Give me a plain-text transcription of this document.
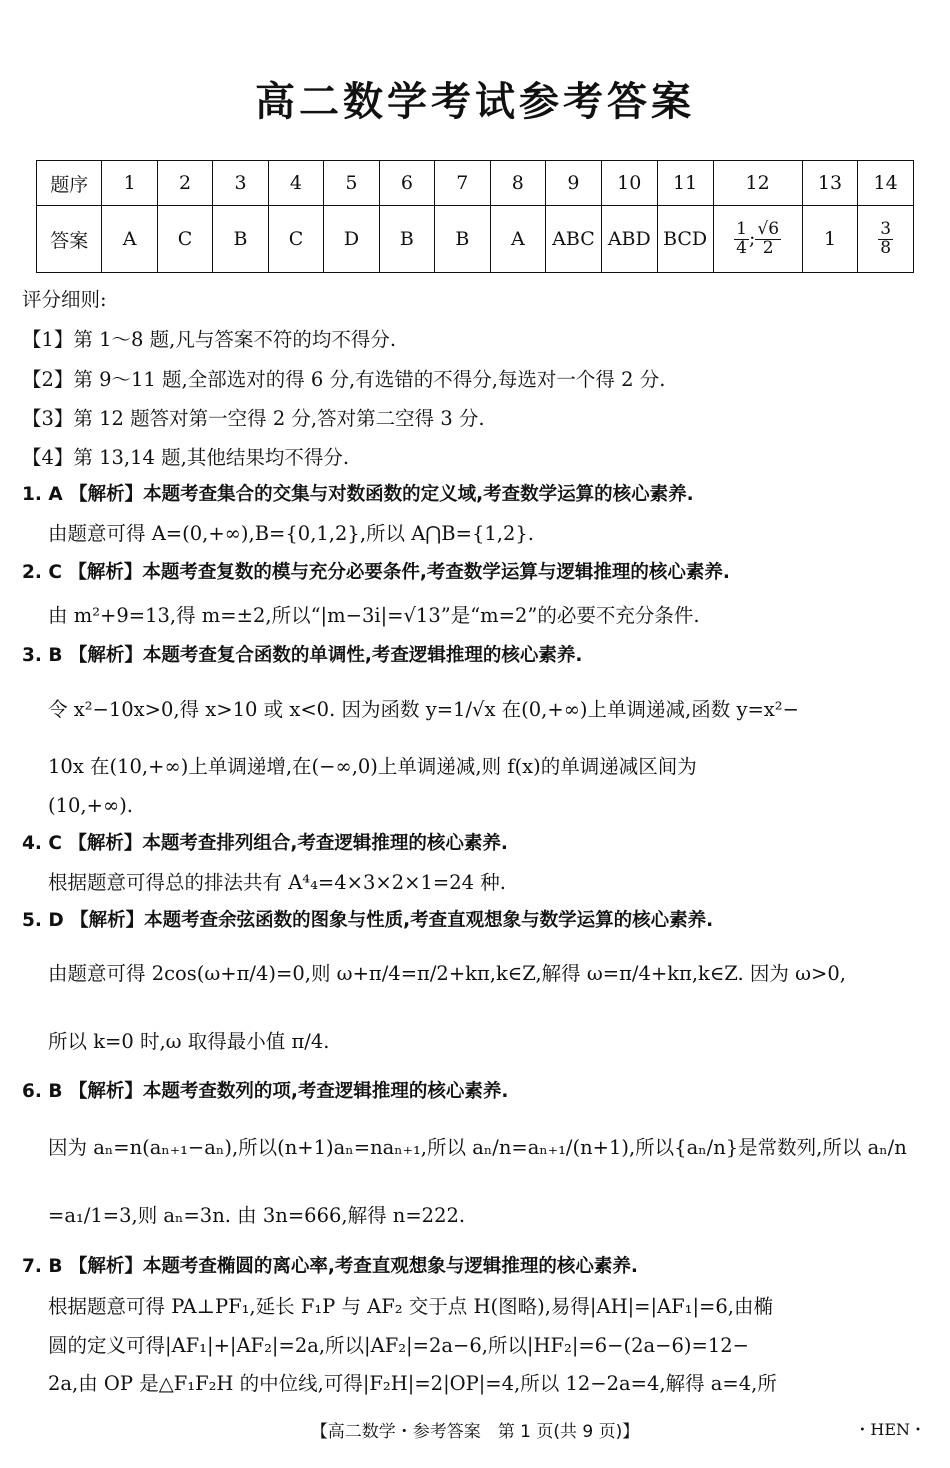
高二数学考试参考答案
题序	1	2	3	4	5	6	7	8	9	10	11	12	13	14
答案	A	C	B	C	D	B	B	A	ABC	ABD	BCD	$\frac{1}{4}$ ; $\frac{√6}{2}$	1	$\frac{3}{8}$
评分细则:
【1】第 1～8 题,凡与答案不符的均不得分.
【2】第 9～11 题,全部选对的得 6 分,有选错的不得分,每选对一个得 2 分.
【3】第 12 题答对第一空得 2 分,答对第二空得 3 分.
【4】第 13,14 题,其他结果均不得分.
1. A 【解析】本题考查集合的交集与对数函数的定义域,考查数学运算的核心素养.
由题意可得 A=(0,+∞),B={0,1,2},所以 A⋂B={1,2}.
2. C 【解析】本题考查复数的模与充分必要条件,考查数学运算与逻辑推理的核心素养.
由 m²+9=13,得 m=±2,所以“|m−3i|=√13”是“m=2”的必要不充分条件.
3. B 【解析】本题考查复合函数的单调性,考查逻辑推理的核心素养.
令 x²−10x>0,得 x>10 或 x<0. 因为函数 y=1/√x 在(0,+∞)上单调递减,函数 y=x²−
10x 在(10,+∞)上单调递增,在(−∞,0)上单调递减,则 f(x)的单调递减区间为
(10,+∞).
4. C 【解析】本题考查排列组合,考查逻辑推理的核心素养.
根据题意可得总的排法共有 A⁴₄=4×3×2×1=24 种.
5. D 【解析】本题考查余弦函数的图象与性质,考查直观想象与数学运算的核心素养.
由题意可得 2cos(ω+π/4)=0,则 ω+π/4=π/2+kπ,k∈Z,解得 ω=π/4+kπ,k∈Z. 因为 ω>0,
所以 k=0 时,ω 取得最小值 π/4.
6. B 【解析】本题考查数列的项,考查逻辑推理的核心素养.
因为 aₙ=n(aₙ₊₁−aₙ),所以(n+1)aₙ=naₙ₊₁,所以 aₙ/n=aₙ₊₁/(n+1),所以{aₙ/n}是常数列,所以 aₙ/n
=a₁/1=3,则 aₙ=3n. 由 3n=666,解得 n=222.
7. B 【解析】本题考查椭圆的离心率,考查直观想象与逻辑推理的核心素养.
根据题意可得 PA⊥PF₁,延长 F₁P 与 AF₂ 交于点 H(图略),易得|AH|=|AF₁|=6,由椭
圆的定义可得|AF₁|+|AF₂|=2a,所以|AF₂|=2a−6,所以|HF₂|=6−(2a−6)=12−
2a,由 OP 是△F₁F₂H 的中位线,可得|F₂H|=2|OP|=4,所以 12−2a=4,解得 a=4,所
【高二数学・参考答案　第 1 页(共 9 页)】	・HEN・
